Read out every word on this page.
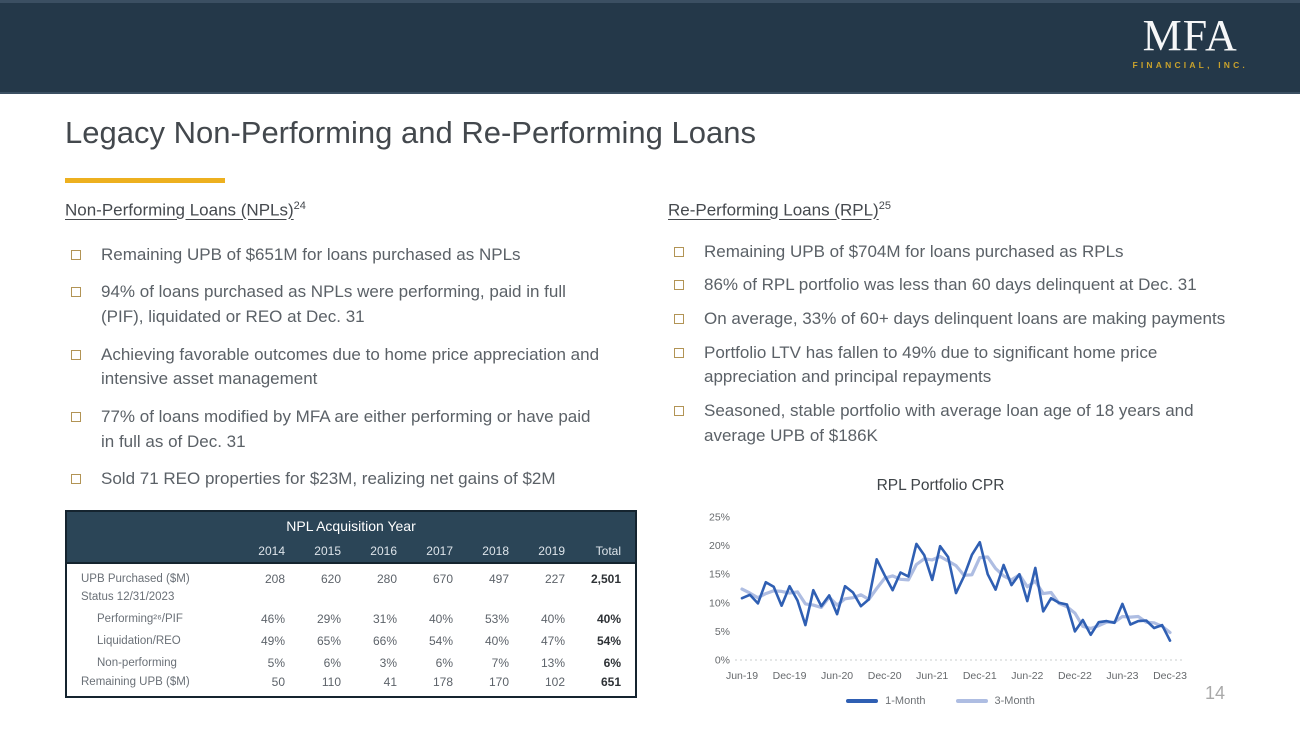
MFA
FINANCIAL, INC.
Legacy Non-Performing and Re-Performing Loans
Non-Performing Loans (NPLs)$^{24}$
Remaining UPB of $651M for loans purchased as NPLs
94% of loans purchased as NPLs were performing, paid in full (PIF), liquidated or REO at Dec. 31
Achieving favorable outcomes due to home price appreciation and intensive asset management
77% of loans modified by MFA are either performing or have paid in full as of Dec. 31
Sold 71 REO properties for $23M, realizing net gains of $2M
Re-Performing Loans (RPL)$^{25}$
Remaining UPB of $704M for loans purchased as RPLs
86% of RPL portfolio was less than 60 days delinquent at Dec. 31
On average, 33% of 60+ days delinquent loans are making payments
Portfolio LTV has fallen to 49% due to significant home price appreciation and principal repayments
Seasoned, stable portfolio with average loan age of 18 years and average UPB of $186K
NPL Acquisition Year							
	2014	2015	2016	2017	2018	2019	Total
UPB Purchased ($M)	208	620	280	670	497	227	2,501
Status 12/31/2023							
Performing²⁶/PIF	46%	29%	31%	40%	53%	40%	40%
Liquidation/REO	49%	65%	66%	54%	40%	47%	54%
Non-performing	5%	6%	3%	6%	7%	13%	6%
Remaining UPB ($M)	50	110	41	178	170	102	651
RPL Portfolio CPR
0%
5%
10%
15%
20%
25%
Jun-19 Dec-19 Jun-20 Dec-20 Jun-21 Dec-21 Jun-22 Dec-22 Jun-23 Dec-23
1-Month	3-Month	14
